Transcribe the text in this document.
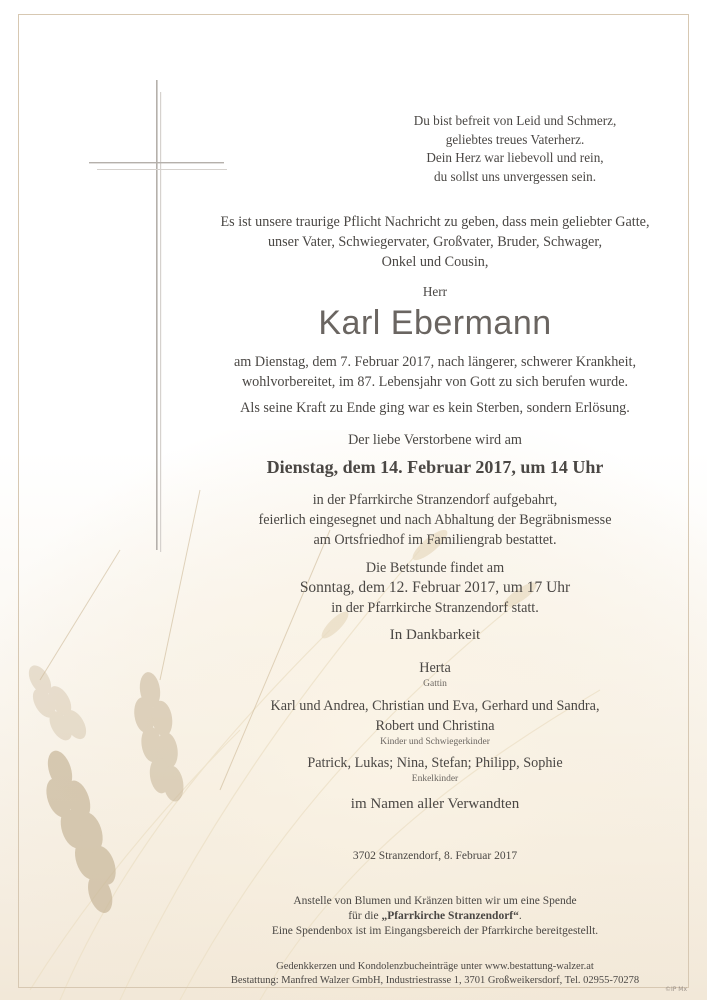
Du bist befreit von Leid und Schmerz,
geliebtes treues Vaterherz.
Dein Herz war liebevoll und rein,
du sollst uns unvergessen sein.
Es ist unsere traurige Pflicht Nachricht zu geben, dass mein geliebter Gatte,
unser Vater, Schwiegervater, Großvater, Bruder, Schwager,
Onkel und Cousin,
Herr
Karl Ebermann
am Dienstag, dem 7. Februar 2017, nach längerer, schwerer Krankheit,
wohlvorbereitet, im 87. Lebensjahr von Gott zu sich berufen wurde.
Als seine Kraft zu Ende ging war es kein Sterben, sondern Erlösung.
Der liebe Verstorbene wird am
Dienstag, dem 14. Februar 2017, um 14 Uhr
in der Pfarrkirche Stranzendorf aufgebahrt,
feierlich eingesegnet und nach Abhaltung der Begräbnismesse
am Ortsfriedhof im Familiengrab bestattet.
Die Betstunde findet am
Sonntag, dem 12. Februar 2017, um 17 Uhr
in der Pfarrkirche Stranzendorf statt.
In Dankbarkeit
Herta
Gattin
Karl und Andrea, Christian und Eva, Gerhard und Sandra,
Robert und Christina
Kinder und Schwiegerkinder
Patrick, Lukas; Nina, Stefan; Philipp, Sophie
Enkelkinder
im Namen aller Verwandten
3702 Stranzendorf, 8. Februar 2017
Anstelle von Blumen und Kränzen bitten wir um eine Spende
für die „Pfarrkirche Stranzendorf“.
Eine Spendenbox ist im Eingangsbereich der Pfarrkirche bereitgestellt.
Gedenkkerzen und Kondolenzbucheinträge unter www.bestattung-walzer.at
Bestattung: Manfred Walzer GmbH, Industriestrasse 1, 3701 Großweikersdorf, Tel. 02955-70278
©IP Mx
